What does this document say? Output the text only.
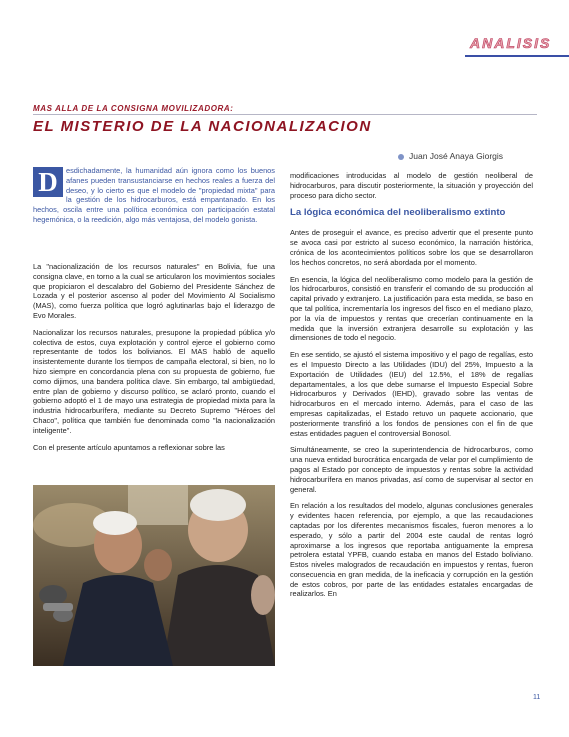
ANALISIS
MAS ALLA DE LA CONSIGNA MOVILIZADORA:
EL MISTERIO DE LA NACIONALIZACION
Juan José Anaya Giorgis
D	esdichadamente, la humanidad aún ignora como los buenos afanes pueden transustanciarse en hechos reales a fuerza del deseo, y lo cierto es que el modelo de "propiedad mixta" para la gestión de los hidrocarburos, está empantanado. En los hechos, oscila entre una política económica con participación estatal hegemónica, o la reedición, algo más ventajosa, del modelo gonista.

La "nacionalización de los recursos naturales" en Bolivia, fue una consigna clave, en torno a la cual se articularon los movimientos sociales que propiciaron el descalabro del Gobierno del Presidente Sánchez de Lozada y el posterior ascenso al poder del Movimiento Al Socialismo (MAS), como fuerza política que logró aglutinarlas bajo el liderazgo de Evo Morales.

Nacionalizar los recursos naturales, presupone la propiedad pública y/o colectiva de estos, cuya explotación y control ejerce el gobierno como representante de todos los bolivianos. El MAS habló de aquello insistentemente durante los tiempos de campaña electoral, si bien, no lo hizo siempre en concordancia plena con su propuesta de gobierno, fue como dijimos, una bandera política clave. Sin embargo, tal ambigüedad, entre plan de gobierno y discurso político, se aclaró pronto, cuando el gobierno adoptó el 1 de mayo una estrategia de propiedad mixta para la industria hidrocarburífera, mediante su Decreto Supremo "Héroes del Chaco", política que también fue denominada como "la nacionalización inteligente".

Con el presente artículo apuntamos a reflexionar sobre las

modificaciones introducidas al modelo de gestión neoliberal de hidrocarburos, para discutir posteriormente, la situación y proyección del proceso para dicho sector.

La lógica económica del neoliberalismo extinto

Antes de proseguir el avance, es preciso advertir que el presente punto se avoca casi por estricto al suceso económico, la narración histórica, crónica de los acontecimientos políticos sobre los que se desarrollaron los hechos concretos, no será abordada por el momento.

En esencia, la lógica del neoliberalismo como modelo para la gestión de los hidrocarburos, consistió en transferir el comando de su producción al capital privado y extranjero. La justificación para esta medida, se baso en que tal política, incrementaría los ingresos del fisco en el mediano plazo, por la vía de impuestos y rentas que crecerían continuamente en la medida que la inversión extranjera desarrolle su explotación y las dimensiones de todo el negocio.

En ese sentido, se ajustó el sistema impositivo y el pago de regalías, esto es el Impuesto Directo a las Utilidades (IDU) del 25%, Impuesto a la Exportación de Utilidades (IEU) del 12.5%, el 18% de regalías departamentales, a los que debe sumarse el Impuesto Especial Sobre Hidrocarburos y Derivados (IEHD), gravado sobre las ventas de hidrocarburos en el mercado interno. Además, para el caso de las empresas capitalizadas, el Estado retuvo un paquete accionario, que posteriormente transfirió a los fondos de pensiones con el fin de que estas entidades paguen el controversial Bonosol.

Simultáneamente, se creo la superintendencia de hidrocarburos, como una nueva entidad burocrática encargada de velar por el cumplimiento de pagos al Estado por concepto de impuestos y rentas sobre la actividad hidrocarburífera en manos privadas, así como de supervisar al sector en general.

En relación a los resultados del modelo, algunas conclusiones generales y evidentes hacen referencia, por ejemplo, a que las recaudaciones captadas por los diferentes mecanismos fiscales, fueron menores a lo esperado, y sólo a partir del 2004 este caudal de rentas logró aproximarse a los ingresos que reportaba antiguamente la empresa petrolera estatal YPFB, cuando estaba en manos del Estado boliviano. Estos niveles malogrados de recaudación en impuestos y rentas, fueron consecuencia en gran medida, de la ineficacia y corrupción en la gestión de estos cobros, por parte de las entidades estatales encargadas de realizarlos. En

11
